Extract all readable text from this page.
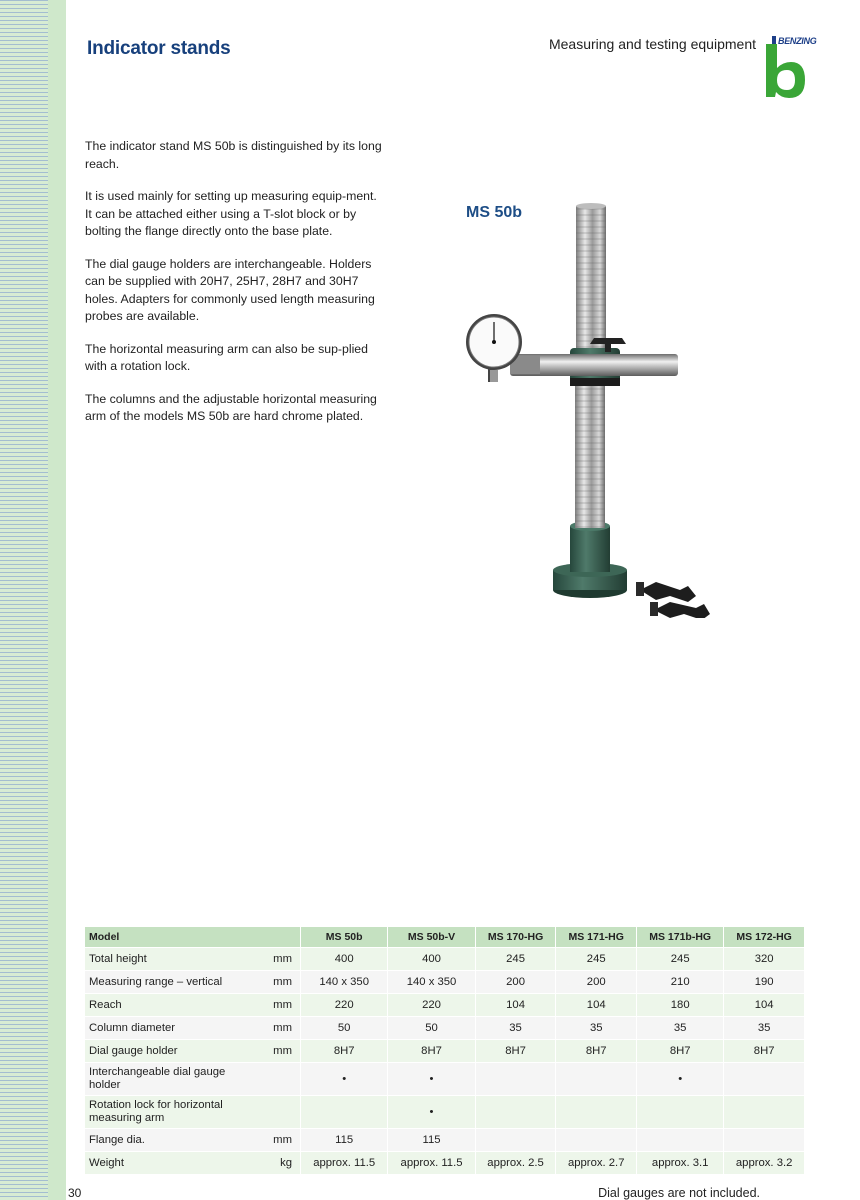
Indicator stands	Measuring and testing equipment BENZING

The indicator stand MS 50b is distinguished by its long reach.

It is used mainly for setting up measuring equip-ment. It can be attached either using a T-slot block or by bolting the flange directly onto the base plate.

The dial gauge holders are interchangeable. Holders can be supplied with 20H7, 25H7, 28H7 and 30H7 holes. Adapters for commonly used length measuring probes are available.

The horizontal measuring arm can also be sup-plied with a rotation lock.

The columns and the adjustable horizontal measuring arm of the models MS 50b are hard chrome plated.

MS 50b
Model		MS 50b	MS 50b-V	MS 170-HG	MS 171-HG	MS 171b-HG	MS 172-HG
Total height	mm	400	400	245	245	245	320
Measuring range – vertical	mm	140 x 350	140 x 350	200	200	210	190
Reach	mm	220	220	104	104	180	104
Column diameter	mm	50	50	35	35	35	35
Dial gauge holder	mm	8H7	8H7	8H7	8H7	8H7	8H7
Interchangeable dial gauge holder		•	•			•	
Rotation lock for horizontal measuring arm			•				
Flange dia.	mm	115	115				
Weight	kg	approx. 11.5	approx. 11.5	approx. 2.5	approx. 2.7	approx. 3.1	approx. 3.2
30	Dial gauges are not included.
